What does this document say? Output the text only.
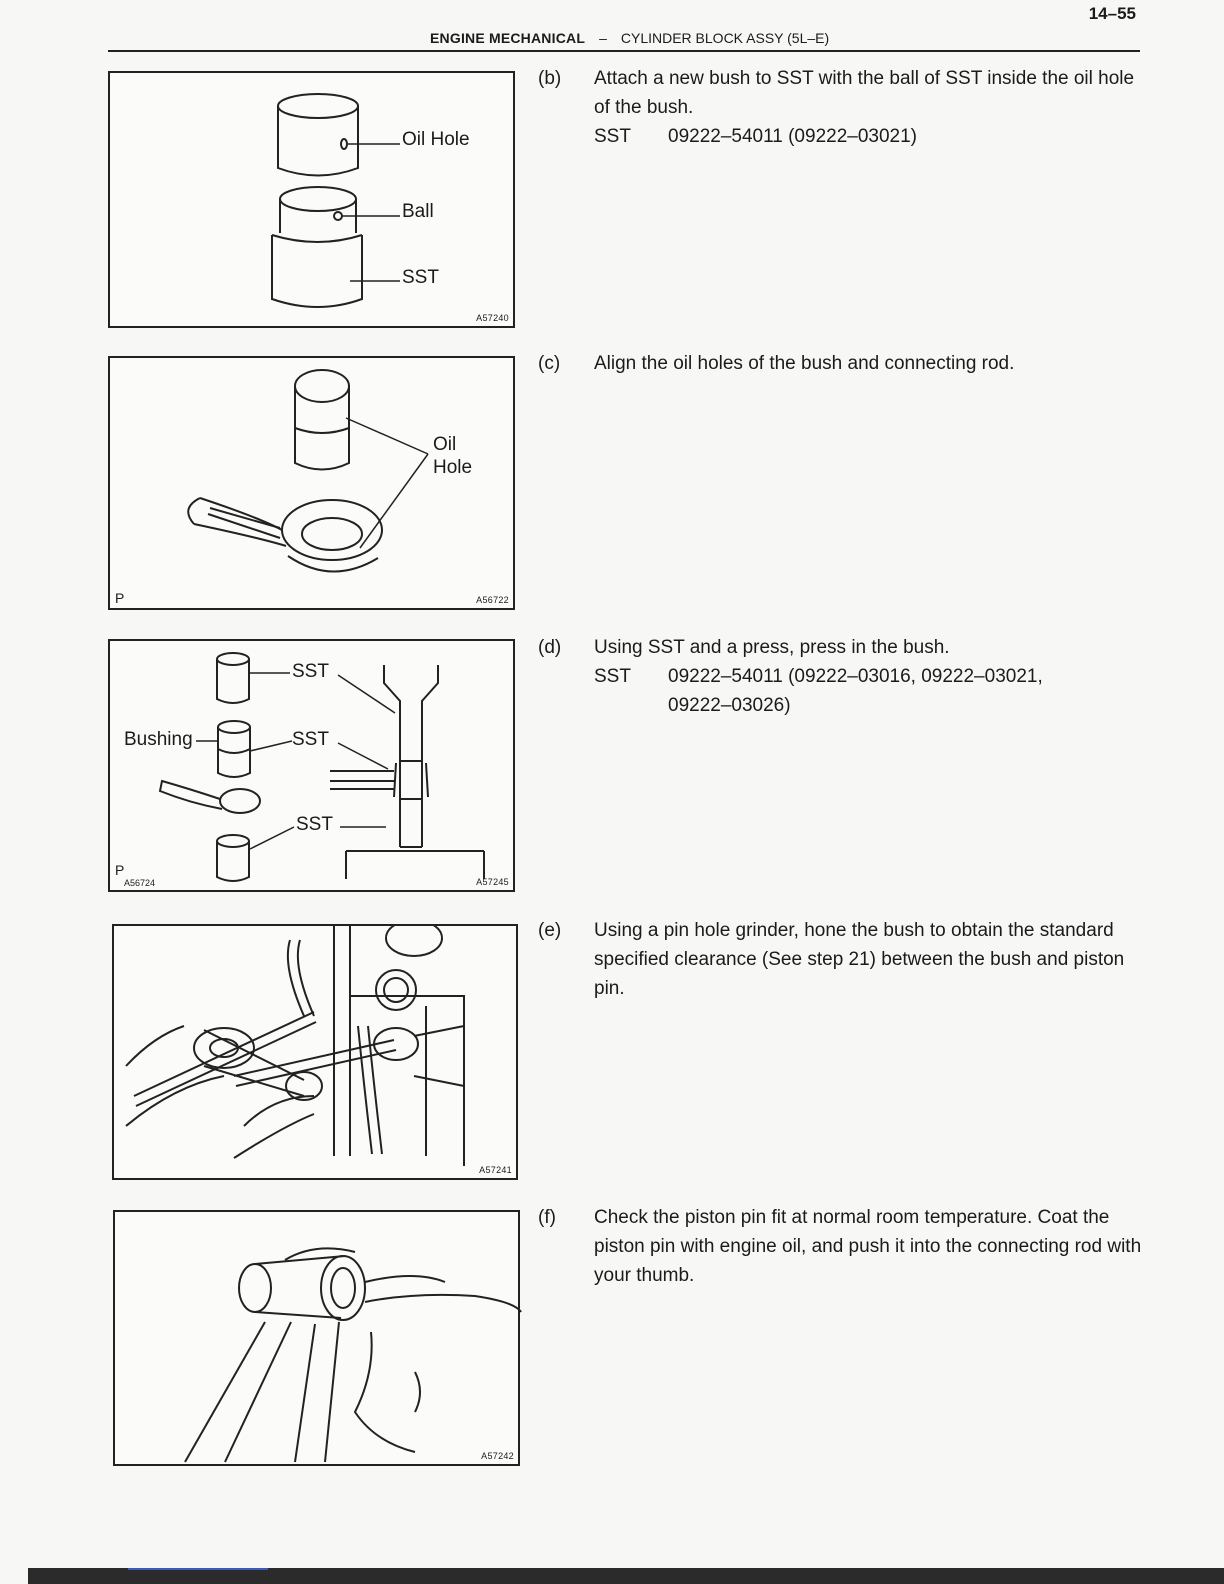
14–55
ENGINE MECHANICAL – CYLINDER BLOCK ASSY (5L–E)
Oil Hole
Ball
SST
A57240
Oil
Hole
P	A56722
SST
SST
SST
Bushing
P
A56724	A57245
A57241
A57242
(b) Attach a new bush to SST with the ball of SST inside the oil hole of the bush.
SST 09222–54011 (09222–03021)
(c) Align the oil holes of the bush and connecting rod.
(d) Using SST and a press, press in the bush.
SST 09222–54011 (09222–03016, 09222–03021,
09222–03026)
(e) Using a pin hole grinder, hone the bush to obtain the standard specified clearance (See step 21) between the bush and piston pin.
(f) Check the piston pin fit at normal room temperature. Coat the piston pin with engine oil, and push it into the connecting rod with your thumb.
